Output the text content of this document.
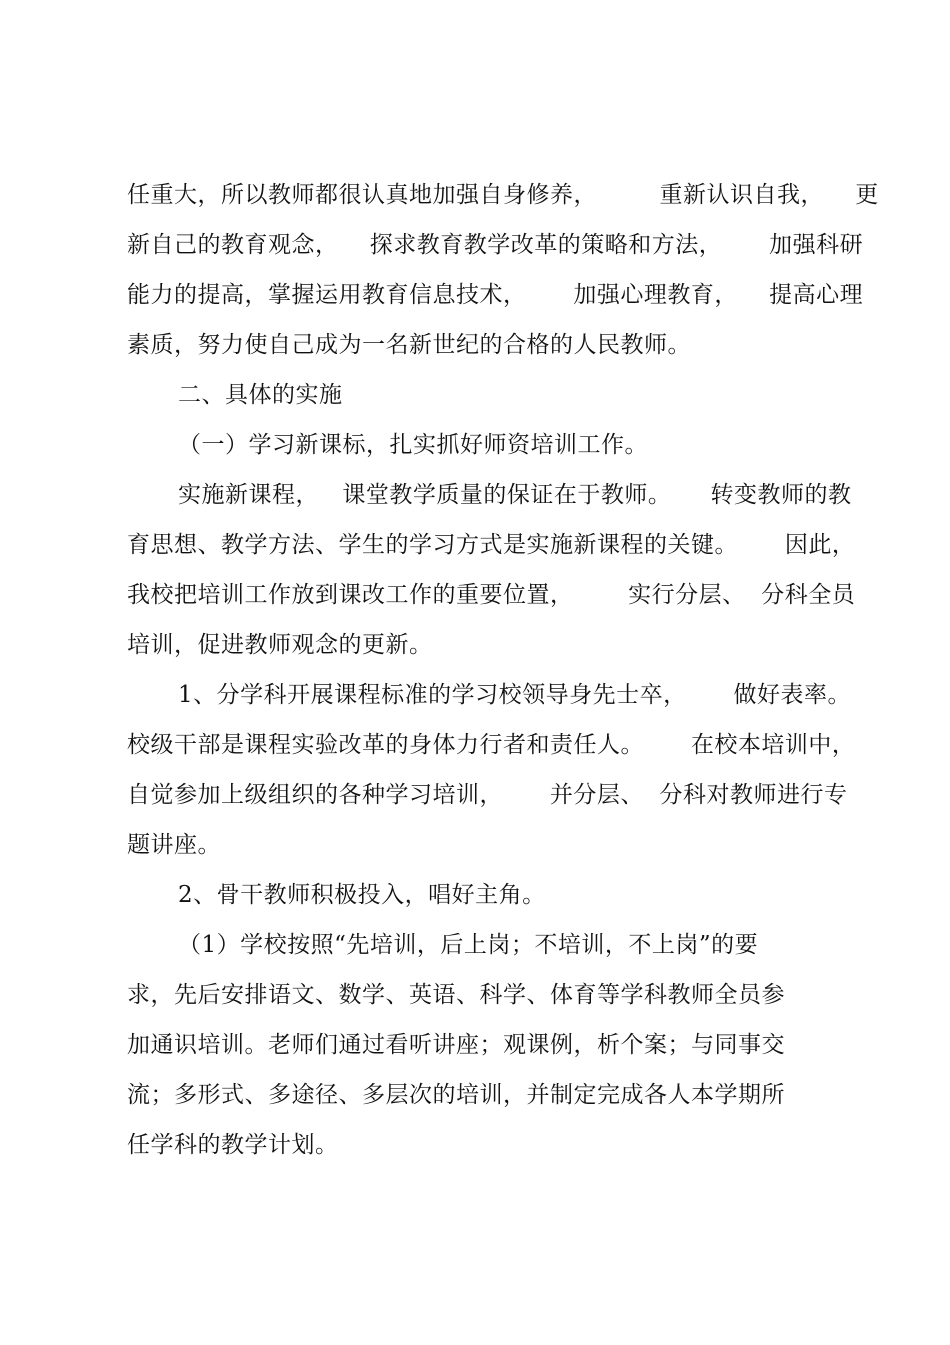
任重大，所以教师都很认真地加强自身修养，        重新认识自我，    更
新自己的教育观念，    探求教育教学改革的策略和方法，      加强科研
能力的提高，掌握运用教育信息技术，      加强心理教育，    提高心理
素质，努力使自己成为一名新世纪的合格的人民教师。
二、具体的实施
（一）学习新课标，扎实抓好师资培训工作。
实施新课程，   课堂教学质量的保证在于教师。     转变教师的教
育思想、教学方法、学生的学习方式是实施新课程的关键。      因此，
我校把培训工作放到课改工作的重要位置，       实行分层、  分科全员
培训，促进教师观念的更新。
1、分学科开展课程标准的学习校领导身先士卒，      做好表率。
校级干部是课程实验改革的身体力行者和责任人。      在校本培训中，
自觉参加上级组织的各种学习培训，      并分层、  分科对教师进行专
题讲座。
2、骨干教师积极投入，唱好主角。
（1）学校按照“先培训，后上岗；不培训，不上岗”的要
求，先后安排语文、数学、英语、科学、体育等学科教师全员参
加通识培训。老师们通过看听讲座；观课例，析个案；与同事交
流；多形式、多途径、多层次的培训，并制定完成各人本学期所
任学科的教学计划。
